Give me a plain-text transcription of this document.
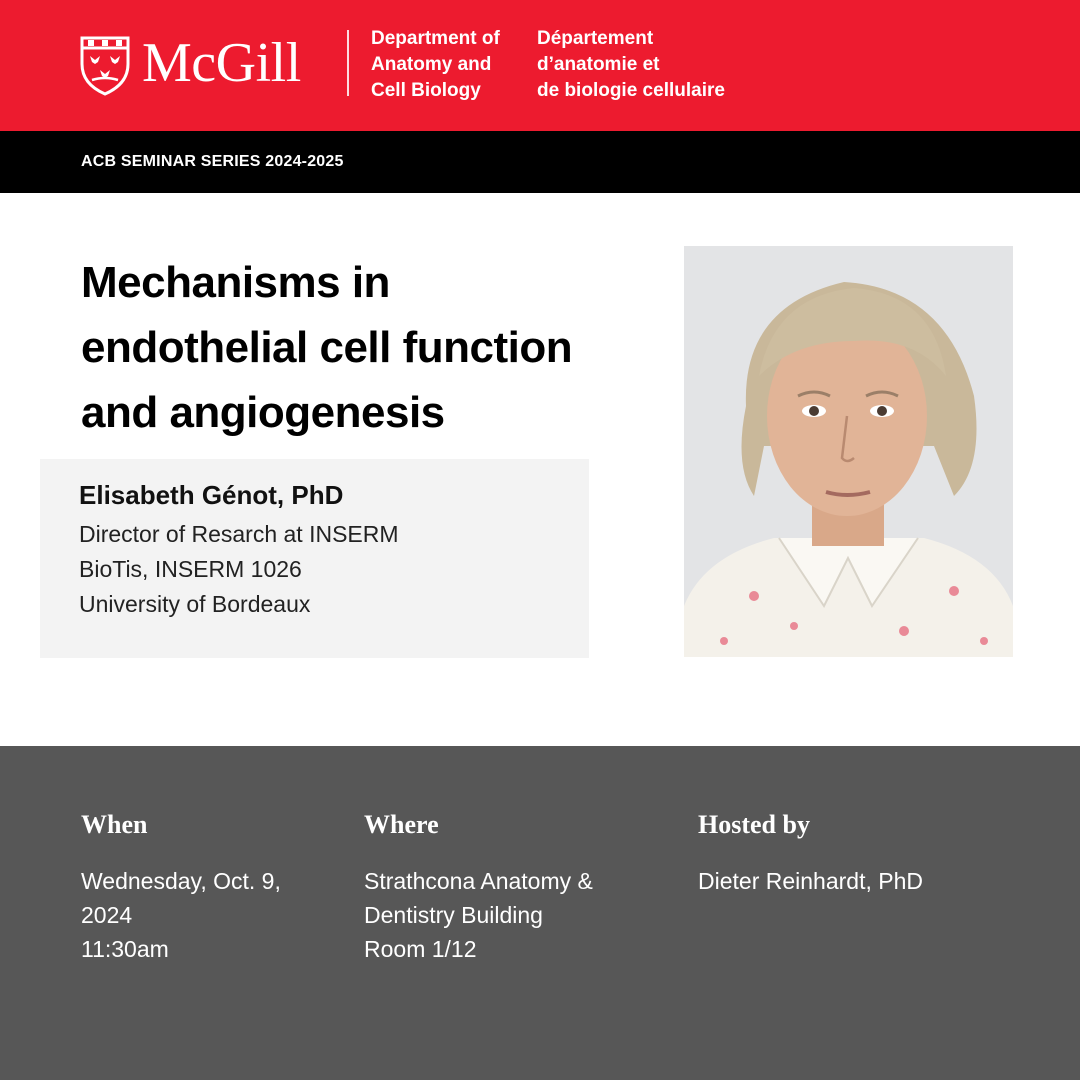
McGill	Department of
Anatomy and
Cell Biology
Département
d’anatomie et
de biologie cellulaire
ACB SEMINAR SERIES 2024-2025
Mechanisms in
endothelial cell function
and angiogenesis
Elisabeth Génot, PhD
Director of Resarch at INSERM
BioTis, INSERM 1026
University of Bordeaux
When
Wednesday, Oct. 9,
2024
11:30am
Where
Strathcona Anatomy &
Dentistry Building
Room 1/12
Hosted by
Dieter Reinhardt, PhD
